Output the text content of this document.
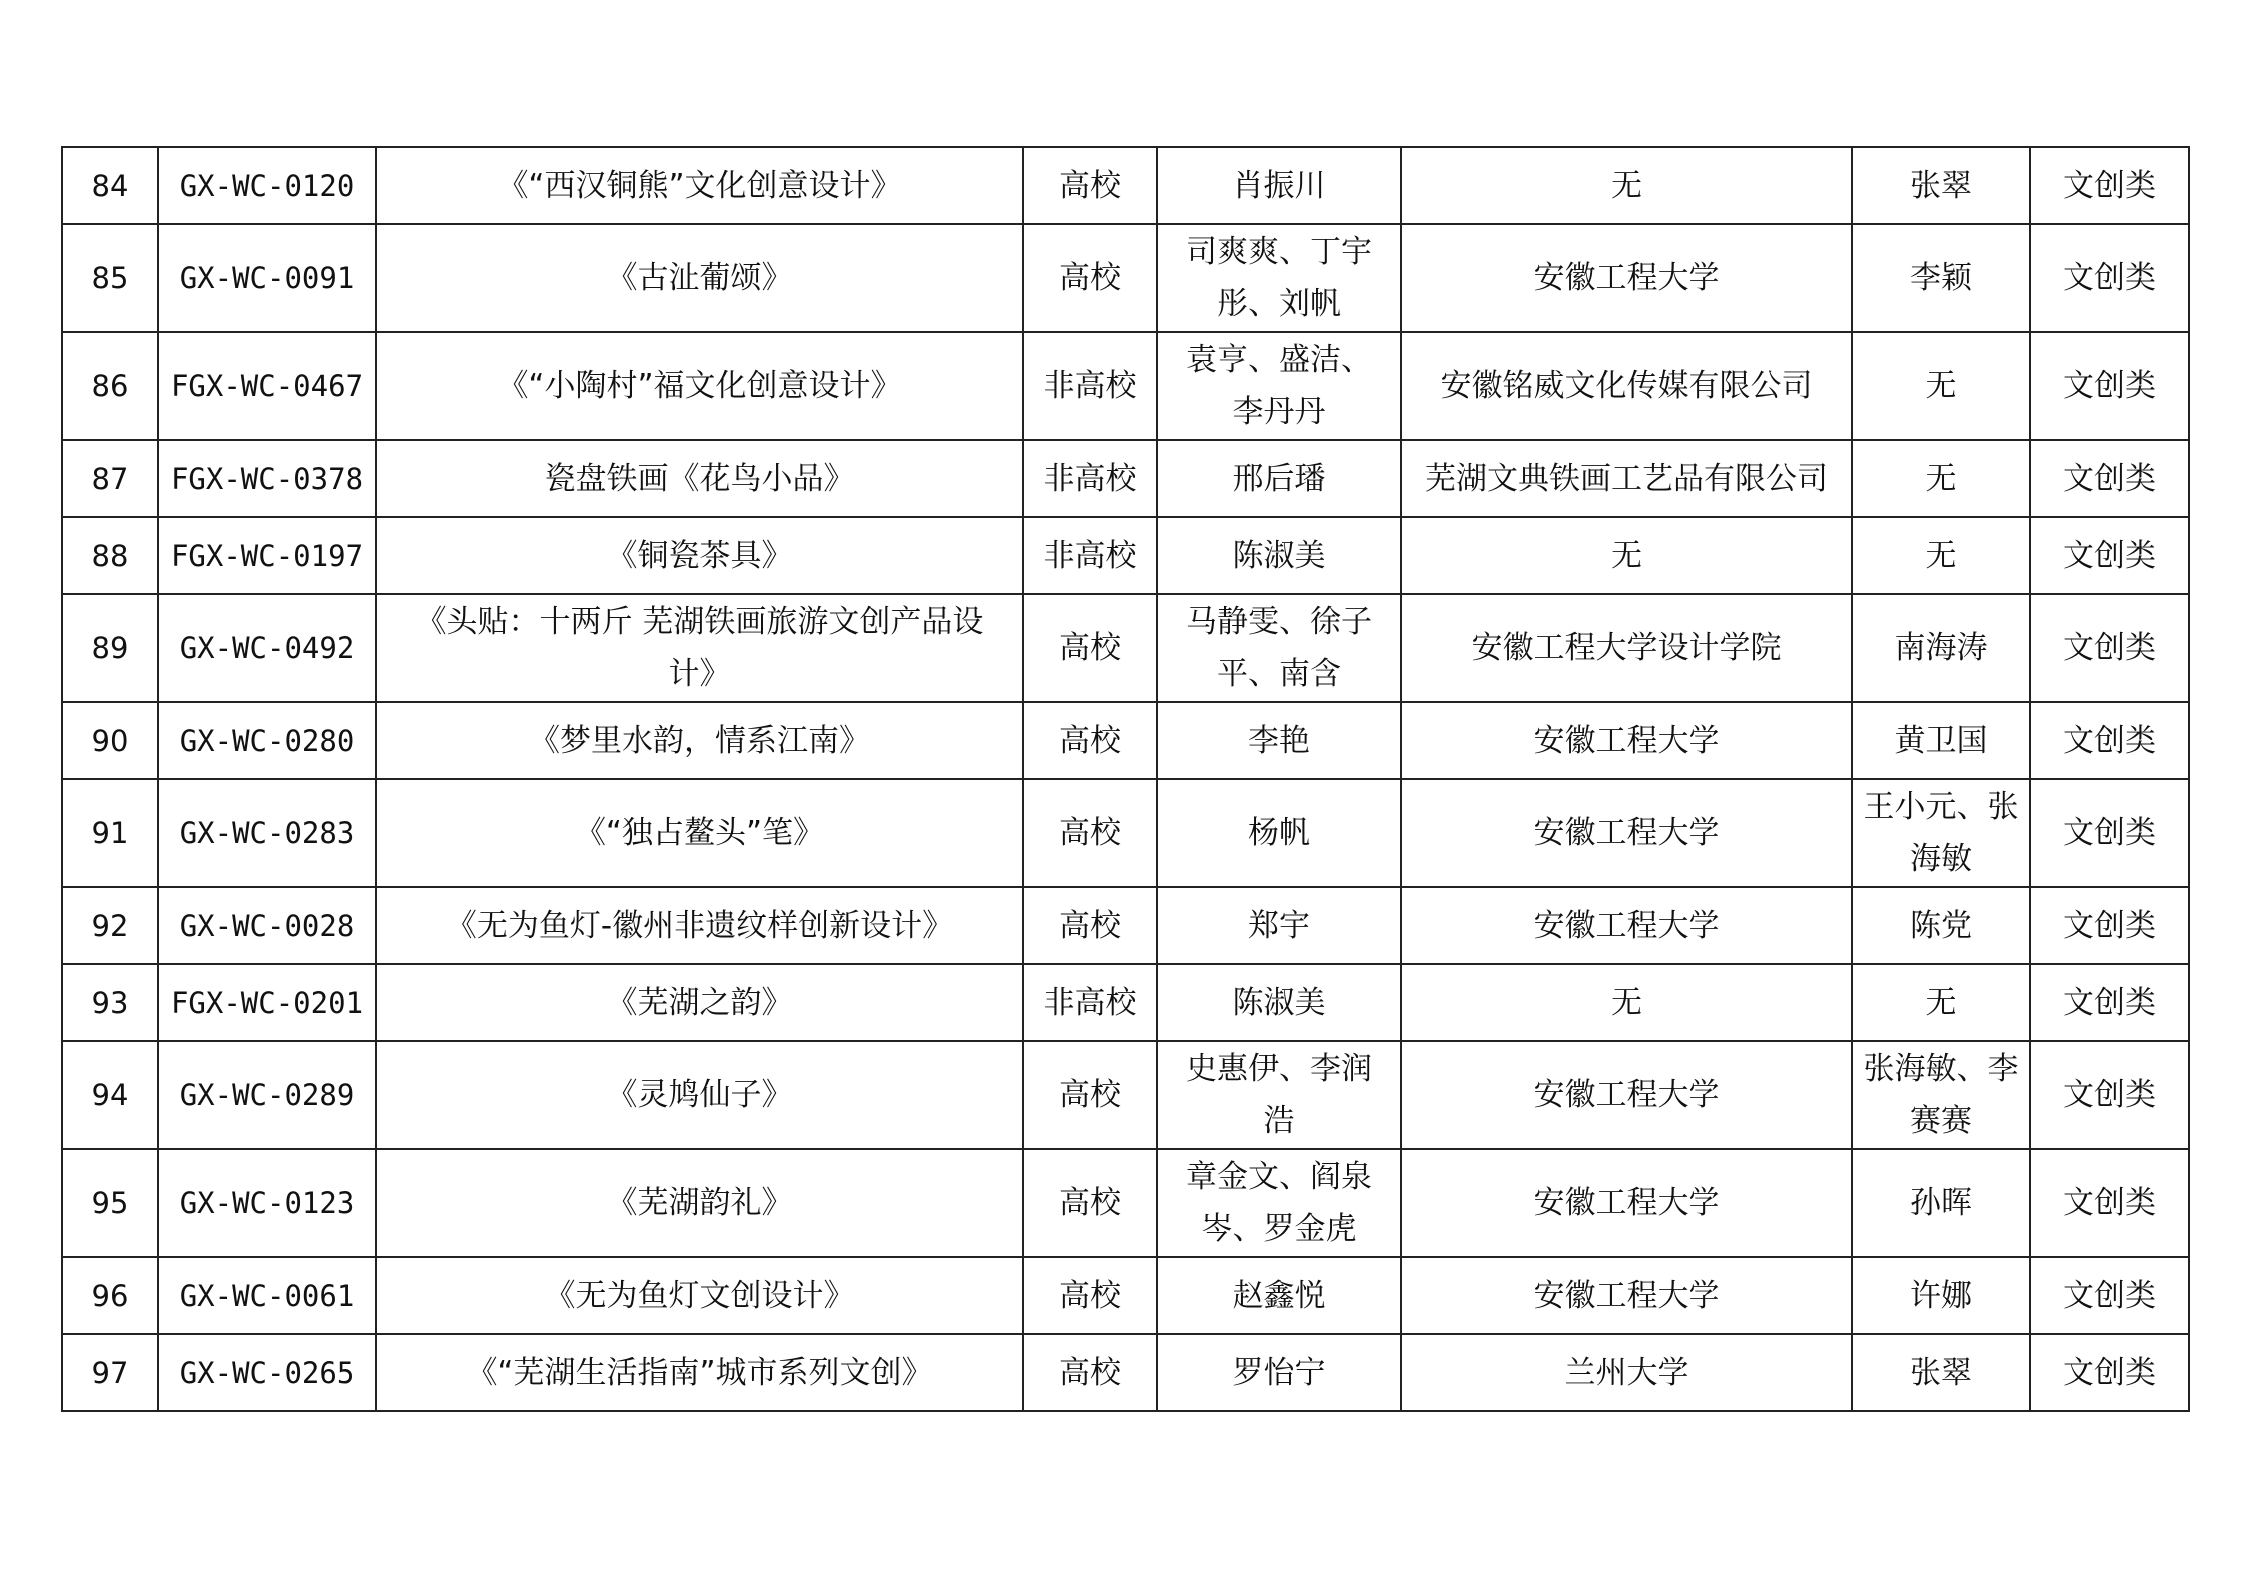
84	GX-WC-0120	《“西汉铜熊”文化创意设计》	高校	肖振川	无	张翠	文创类
85	GX-WC-0091	《古沚葡颂》	高校	司爽爽、丁宇彤、刘帆	安徽工程大学	李颖	文创类
86	FGX-WC-0467	《“小陶村”福文化创意设计》	非高校	袁亨、盛洁、李丹丹	安徽铭威文化传媒有限公司	无	文创类
87	FGX-WC-0378	瓷盘铁画《花鸟小品》	非高校	邢后璠	芜湖文典铁画工艺品有限公司	无	文创类
88	FGX-WC-0197	《铜瓷茶具》	非高校	陈淑美	无	无	文创类
89	GX-WC-0492	《头贴：十两斤 芜湖铁画旅游文创产品设计》	高校	马静雯、徐子平、南含	安徽工程大学设计学院	南海涛	文创类
90	GX-WC-0280	《梦里水韵，情系江南》	高校	李艳	安徽工程大学	黄卫国	文创类
91	GX-WC-0283	《“独占鳌头”笔》	高校	杨帆	安徽工程大学	王小元、张海敏	文创类
92	GX-WC-0028	《无为鱼灯-徽州非遗纹样创新设计》	高校	郑宇	安徽工程大学	陈党	文创类
93	FGX-WC-0201	《芜湖之韵》	非高校	陈淑美	无	无	文创类
94	GX-WC-0289	《灵鸠仙子》	高校	史惠伊、李润浩	安徽工程大学	张海敏、李赛赛	文创类
95	GX-WC-0123	《芜湖韵礼》	高校	章金文、阎泉岑、罗金虎	安徽工程大学	孙晖	文创类
96	GX-WC-0061	《无为鱼灯文创设计》	高校	赵鑫悦	安徽工程大学	许娜	文创类
97	GX-WC-0265	《“芜湖生活指南”城市系列文创》	高校	罗怡宁	兰州大学	张翠	文创类
